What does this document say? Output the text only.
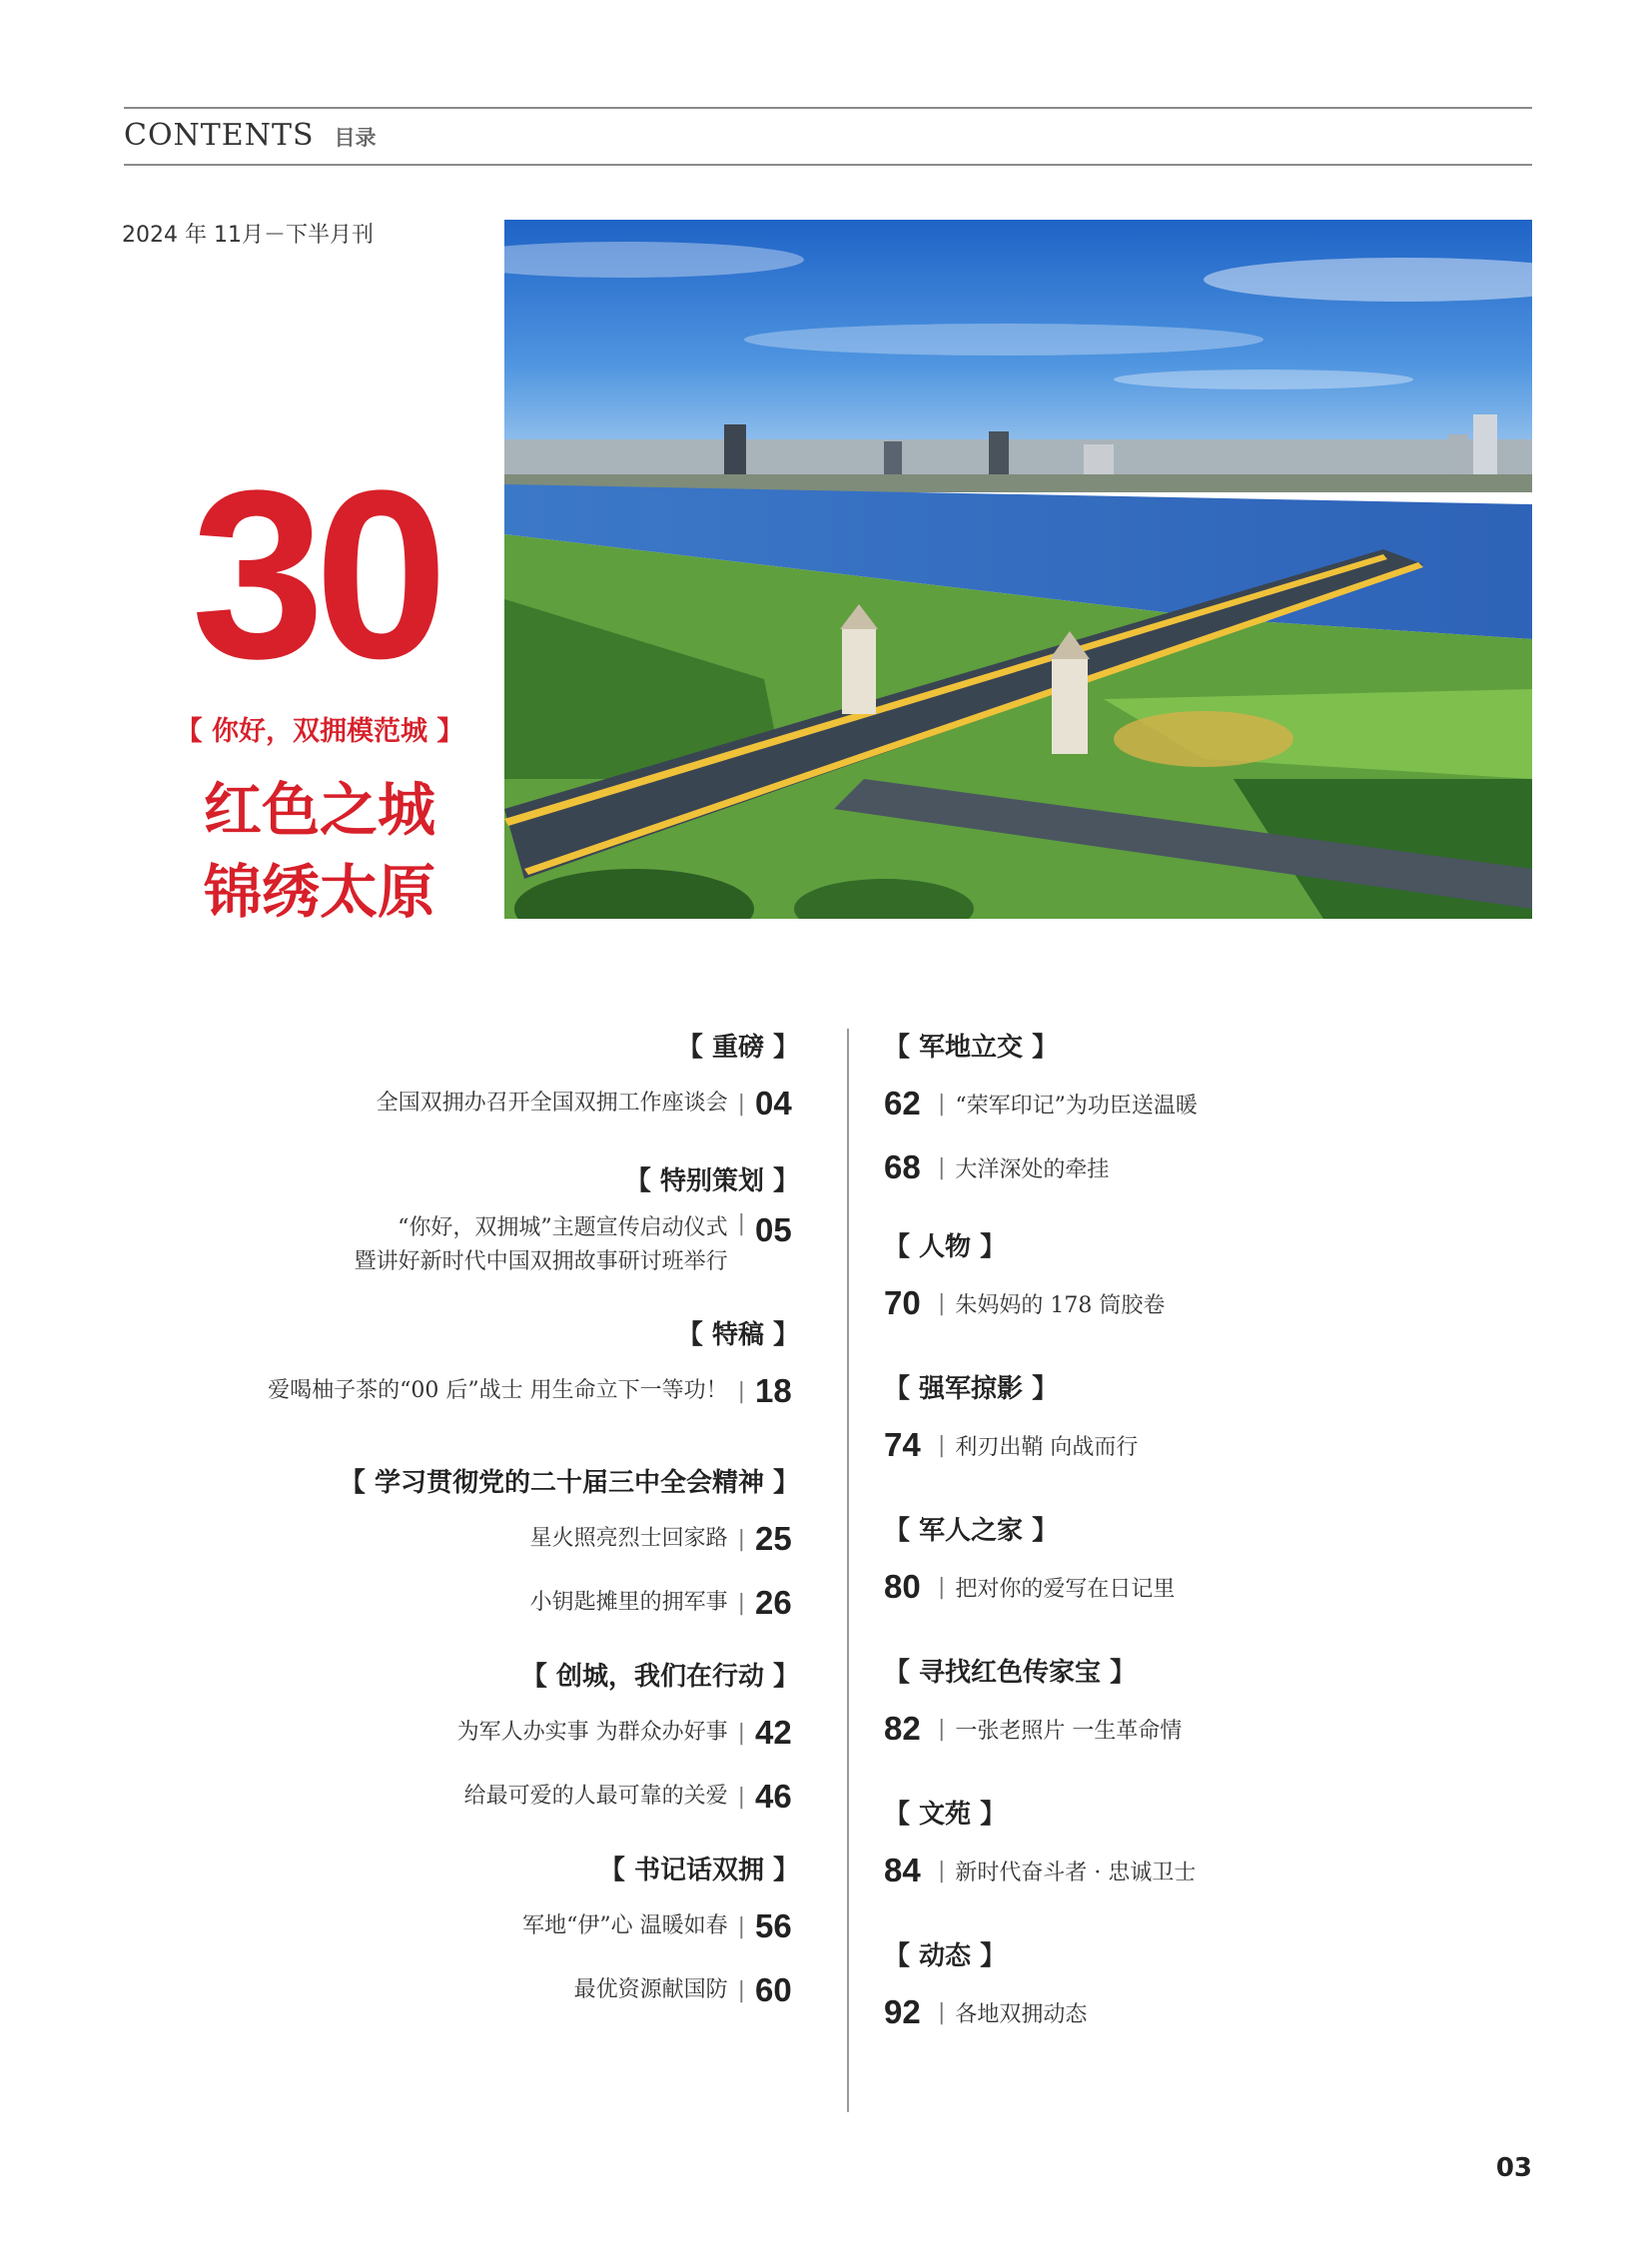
CONTENTS 目录
2024 年 11月－下半月刊
30
【 你好，双拥模范城 】
红色之城
锦绣太原
【 重磅 】
全国双拥办召开全国双拥工作座谈会 | 04
【 特别策划 】
“你好，双拥城”主题宣传启动仪式
暨讲好新时代中国双拥故事研讨班举行
| 05
【 特稿 】
爱喝柚子茶的“00 后”战士 用生命立下一等功！ | 18
【 学习贯彻党的二十届三中全会精神 】
星火照亮烈士回家路 | 25
小钥匙摊里的拥军事 | 26
【 创城，我们在行动 】
为军人办实事 为群众办好事 | 42
给最可爱的人最可靠的关爱 | 46
【 书记话双拥 】
军地“伊”心 温暖如春 | 56
最优资源献国防 | 60
【 军地立交 】
62 | “荣军印记”为功臣送温暖
68 | 大洋深处的牵挂
【 人物 】
70 | 朱妈妈的 178 筒胶卷
【 强军掠影 】
74 | 利刃出鞘 向战而行
【 军人之家 】
80 | 把对你的爱写在日记里
【 寻找红色传家宝 】
82 | 一张老照片 一生革命情
【 文苑 】
84 | 新时代奋斗者 · 忠诚卫士
【 动态 】
92 | 各地双拥动态
03
